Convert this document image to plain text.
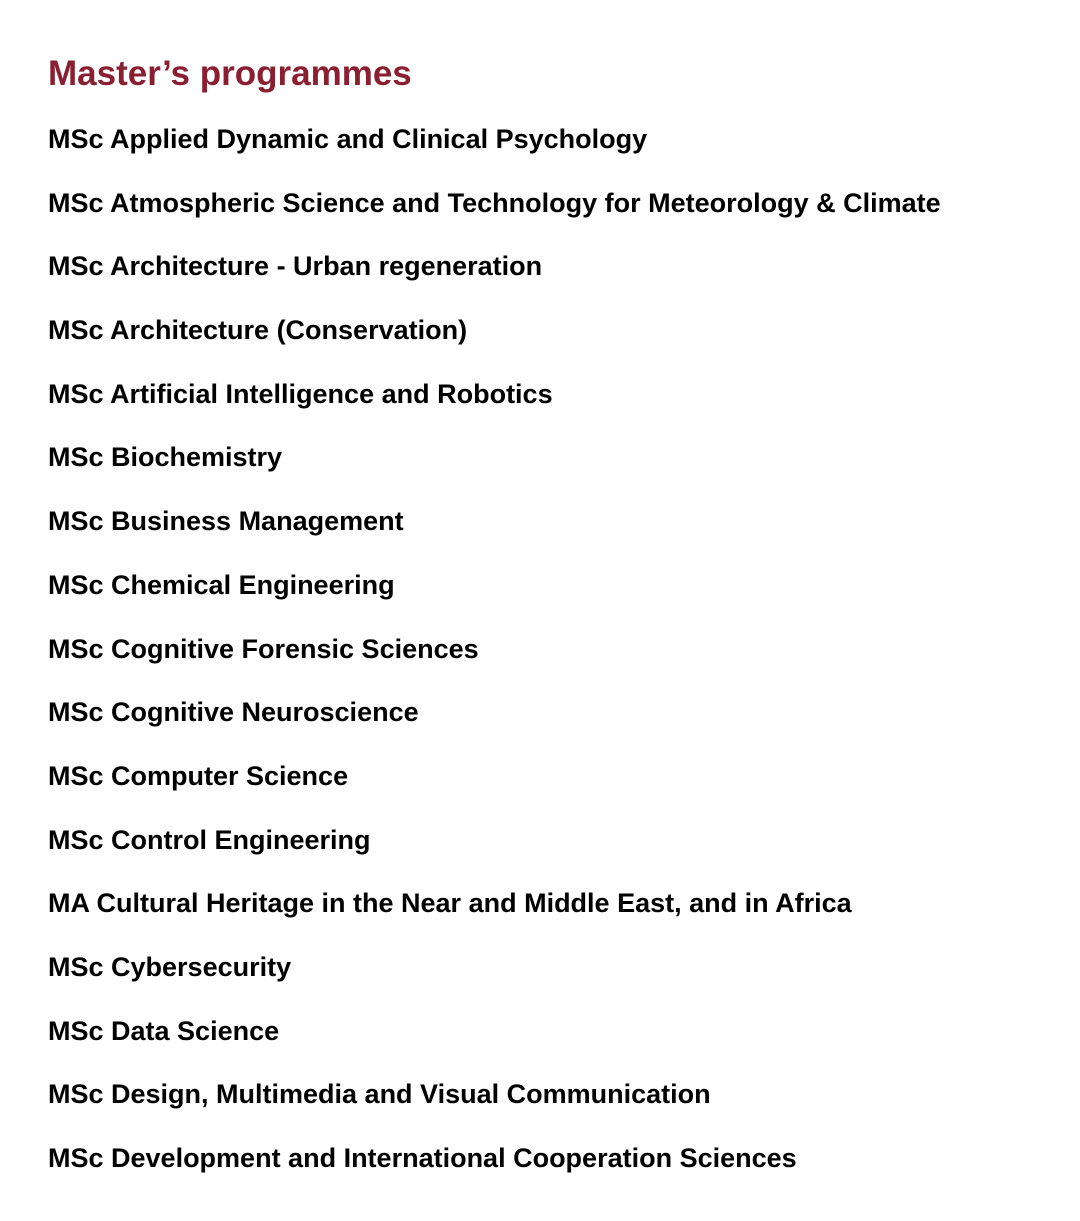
Master’s programmes
MSc Applied Dynamic and Clinical Psychology
MSc Atmospheric Science and Technology for Meteorology & Climate
MSc Architecture - Urban regeneration
MSc Architecture (Conservation)
MSc Artificial Intelligence and Robotics
MSc Biochemistry
MSc Business Management
MSc Chemical Engineering
MSc Cognitive Forensic Sciences
MSc Cognitive Neuroscience
MSc Computer Science
MSc Control Engineering
MA Cultural Heritage in the Near and Middle East, and in Africa
MSc Cybersecurity
MSc Data Science
MSc Design, Multimedia and Visual Communication
MSc Development and International Cooperation Sciences
